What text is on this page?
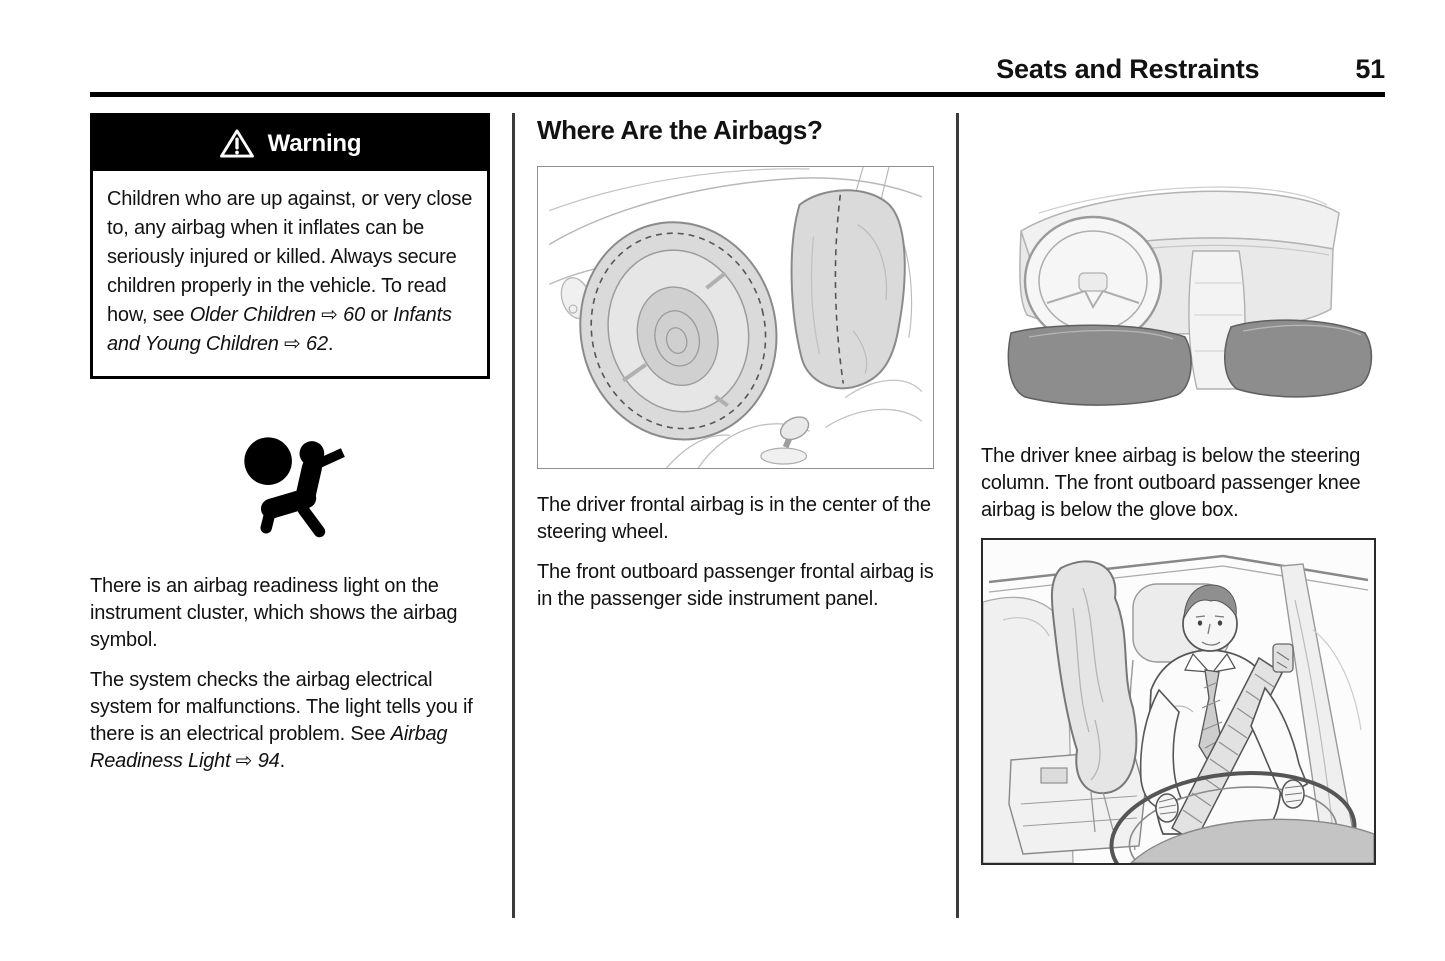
Seats and Restraints	51
Warning

Children who are up against, or very close to, any airbag when it inflates can be seriously injured or killed. Always secure children properly in the vehicle. To read how, see Older Children ⇨ 60 or Infants and Young Children ⇨ 62.

There is an airbag readiness light on the instrument cluster, which shows the airbag symbol.

The system checks the airbag electrical system for malfunctions. The light tells you if there is an electrical problem. See Airbag Readiness Light ⇨ 94.

Where Are the Airbags?

The driver frontal airbag is in the center of the steering wheel.

The front outboard passenger frontal airbag is in the passenger side instrument panel.

The driver knee airbag is below the steering column. The front outboard passenger knee airbag is below the glove box.
